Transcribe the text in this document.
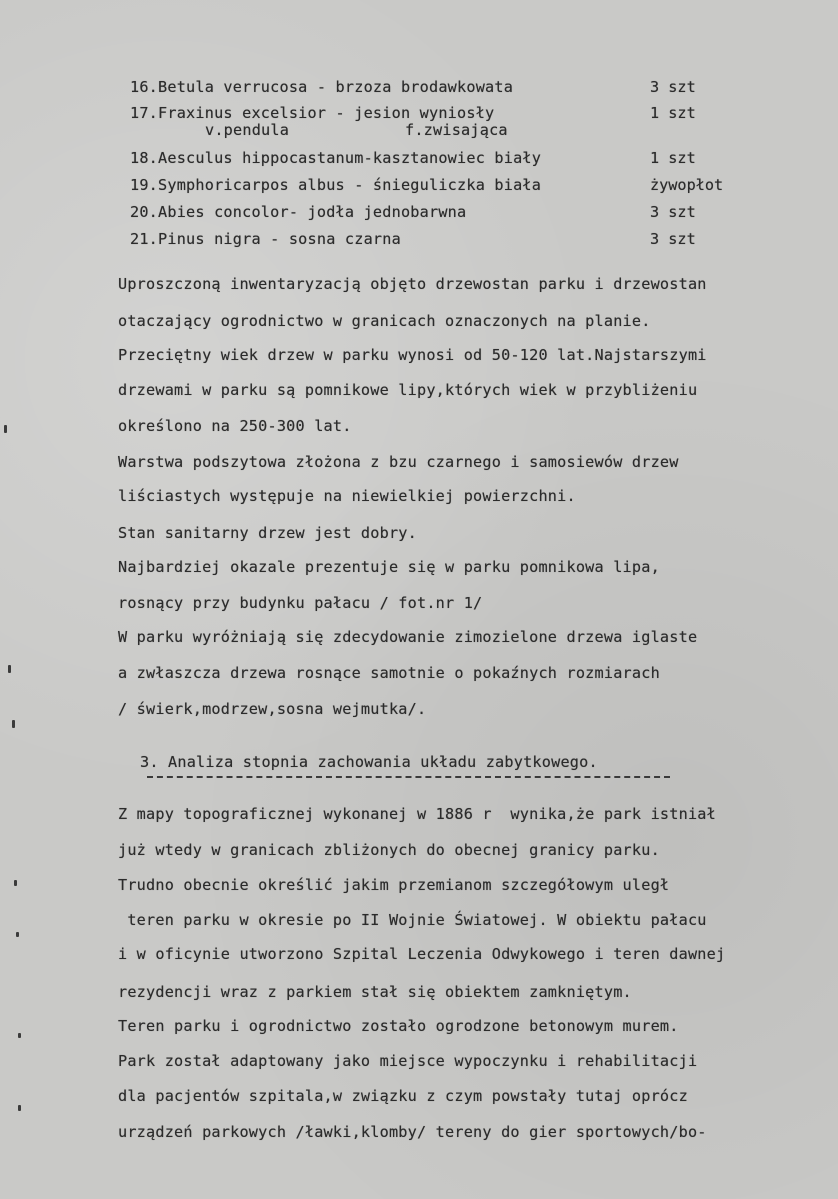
16.Betula verrucosa - brzoza brodawkowata	3 szt
17.Fraxinus excelsior - jesion wyniosły	1 szt
v.pendula	f.zwisająca
18.Aesculus hippocastanum-kasztanowiec biały	1 szt
19.Symphoricarpos albus - śnieguliczka biała	żywopłot
20.Abies concolor- jodła jednobarwna	3 szt
21.Pinus nigra - sosna czarna	3 szt
Uproszczoną inwentaryzacją objęto drzewostan parku i drzewostan
otaczający ogrodnictwo w granicach oznaczonych na planie.
Przeciętny wiek drzew w parku wynosi od 50-120 lat.Najstarszymi
drzewami w parku są pomnikowe lipy,których wiek w przybliżeniu
określono na 250-300 lat.
Warstwa podszytowa złożona z bzu czarnego i samosiewów drzew
liściastych występuje na niewielkiej powierzchni.
Stan sanitarny drzew jest dobry.
Najbardziej okazale prezentuje się w parku pomnikowa lipa,
rosnący przy budynku pałacu / fot.nr 1/
W parku wyróżniają się zdecydowanie zimozielone drzewa iglaste
a zwłaszcza drzewa rosnące samotnie o pokaźnych rozmiarach
/ świerk,modrzew,sosna wejmutka/.
3. Analiza stopnia zachowania układu zabytkowego.
Z mapy topograficznej wykonanej w 1886 r  wynika,że park istniał
już wtedy w granicach zbliżonych do obecnej granicy parku.
Trudno obecnie określić jakim przemianom szczegółowym uległ
teren parku w okresie po II Wojnie Światowej. W obiektu pałacu
i w oficynie utworzono Szpital Leczenia Odwykowego i teren dawnej
rezydencji wraz z parkiem stał się obiektem zamkniętym.
Teren parku i ogrodnictwo zostało ogrodzone betonowym murem.
Park został adaptowany jako miejsce wypoczynku i rehabilitacji
dla pacjentów szpitala,w związku z czym powstały tutaj oprócz
urządzeń parkowych /ławki,klomby/ tereny do gier sportowych/bo-
